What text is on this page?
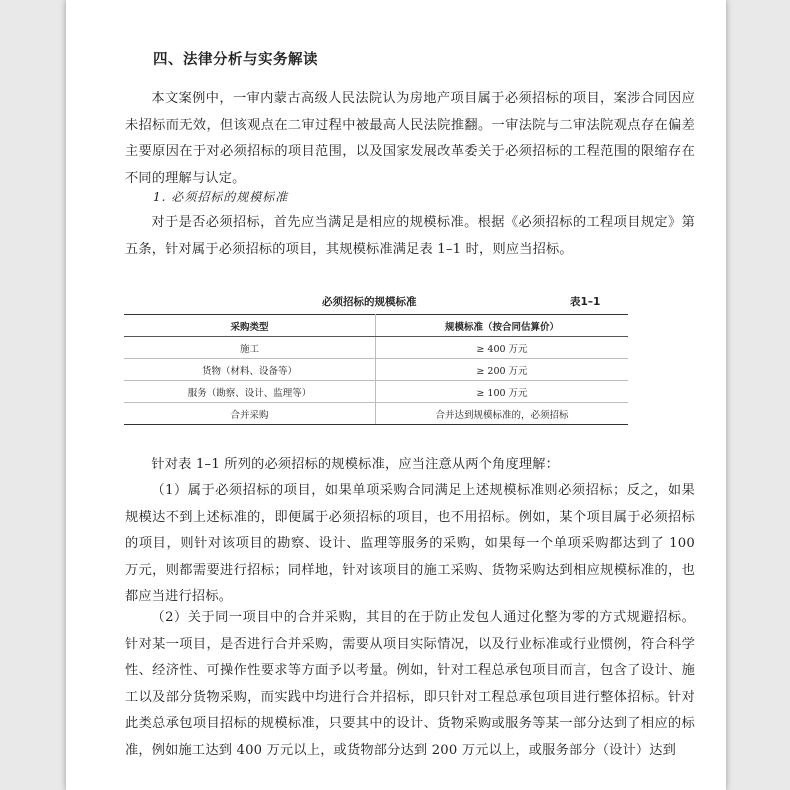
四、法律分析与实务解读
本文案例中，一审内蒙古高级人民法院认为房地产项目属于必须招标的项目，案涉合同因应未招标而无效，但该观点在二审过程中被最高人民法院推翻。一审法院与二审法院观点存在偏差主要原因在于对必须招标的项目范围，以及国家发展改革委关于必须招标的工程范围的限缩存在不同的理解与认定。
1. 必须招标的规模标准
对于是否必须招标，首先应当满足是相应的规模标准。根据《必须招标的工程项目规定》第五条，针对属于必须招标的项目，其规模标准满足表 1–1 时，则应当招标。
必须招标的规模标准	表1–1
采购类型	规模标准（按合同估算价）
施工	≥ 400 万元
货物（材料、设备等）	≥ 200 万元
服务（勘察、设计、监理等）	≥ 100 万元
合并采购	合并达到规模标准的，必须招标
针对表 1–1 所列的必须招标的规模标准，应当注意从两个角度理解：
（1）属于必须招标的项目，如果单项采购合同满足上述规模标准则必须招标；反之，如果规模达不到上述标准的，即便属于必须招标的项目，也不用招标。例如，某个项目属于必须招标的项目，则针对该项目的勘察、设计、监理等服务的采购，如果每一个单项采购都达到了 100 万元，则都需要进行招标；同样地，针对该项目的施工采购、货物采购达到相应规模标准的，也都应当进行招标。
（2）关于同一项目中的合并采购，其目的在于防止发包人通过化整为零的方式规避招标。针对某一项目，是否进行合并采购，需要从项目实际情况，以及行业标准或行业惯例，符合科学性、经济性、可操作性要求等方面予以考量。例如，针对工程总承包项目而言，包含了设计、施工以及部分货物采购，而实践中均进行合并招标，即只针对工程总承包项目进行整体招标。针对此类总承包项目招标的规模标准，只要其中的设计、货物采购或服务等某一部分达到了相应的标准，例如施工达到 400 万元以上，或货物部分达到 200 万元以上，或服务部分（设计）达到
